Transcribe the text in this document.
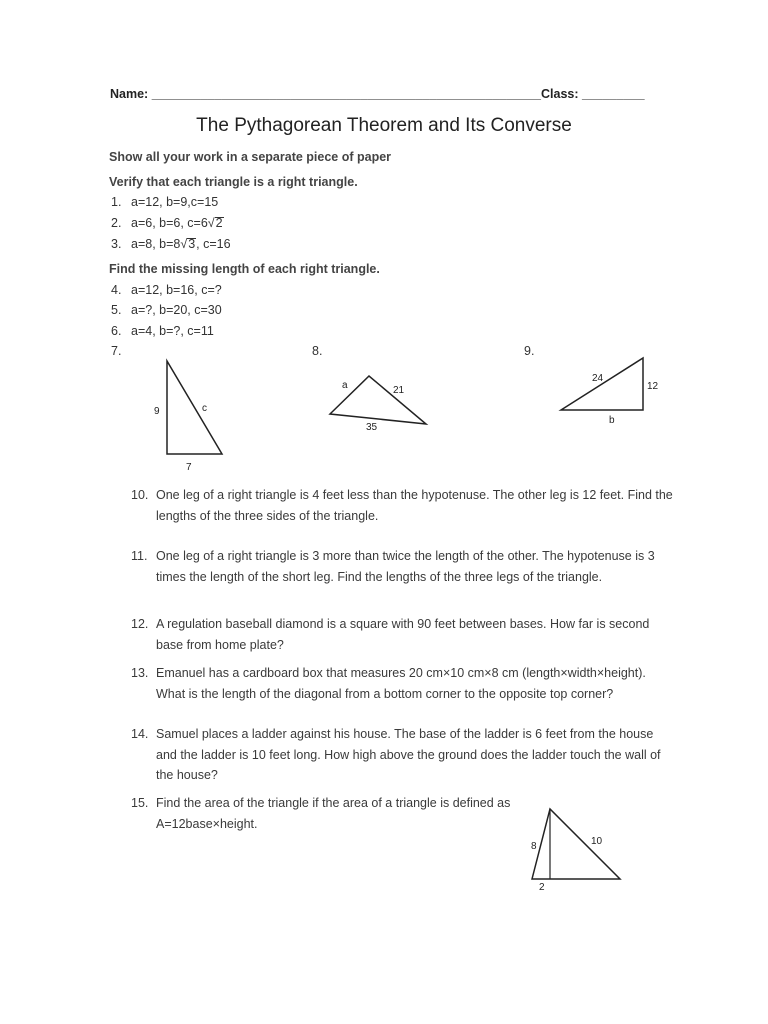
Name: ________________________________________________________Class: _________
The Pythagorean Theorem and Its Converse
Show all your work in a separate piece of paper
Verify that each triangle is a right triangle.
1. a=12, b=9,c=15
2. a=6, b=6, c=6√2
3. a=8, b=8√3, c=16
Find the missing length of each right triangle.
4. a=12, b=16, c=?
5. a=?, b=20, c=30
6. a=4, b=?, c=11
7.	8.	9.
9	c
7
a	21
35
24
12
b
10. One leg of a right triangle is 4 feet less than the hypotenuse. The other leg is 12 feet. Find the lengths of the three sides of the triangle.
11. One leg of a right triangle is 3 more than twice the length of the other. The hypotenuse is 3 times the length of the short leg. Find the lengths of the three legs of the triangle.
12. A regulation baseball diamond is a square with 90 feet between bases. How far is second base from home plate?
13. Emanuel has a cardboard box that measures 20 cm×10 cm×8 cm (length×width×height). What is the length of the diagonal from a bottom corner to the opposite top corner?
14. Samuel places a ladder against his house. The base of the ladder is 6 feet from the house and the ladder is 10 feet long. How high above the ground does the ladder touch the wall of the house?
15. Find the area of the triangle if the area of a triangle is defined as A=12base×height.
8	10
2
